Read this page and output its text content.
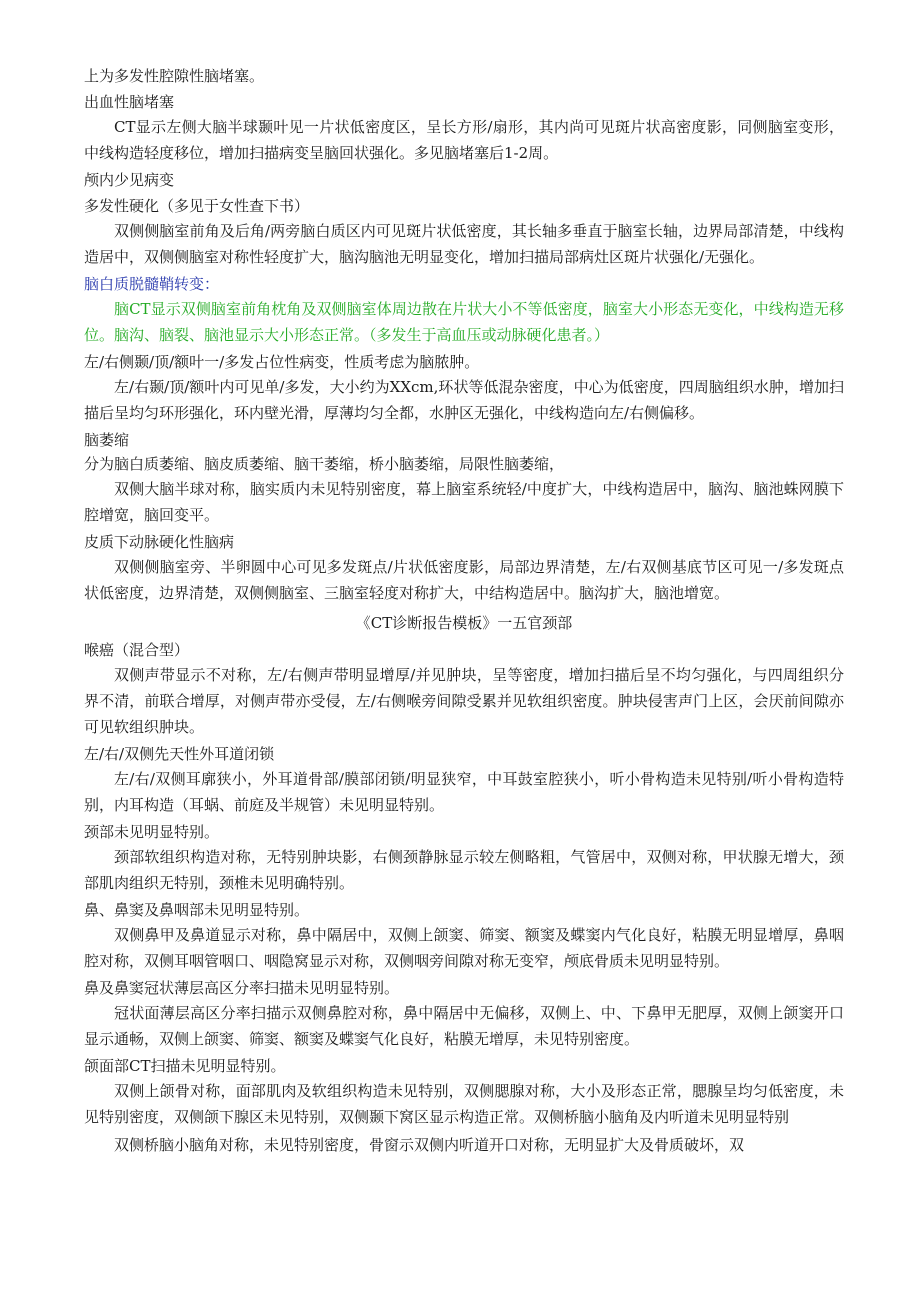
上为多发性腔隙性脑堵塞。

出血性脑堵塞

CT显示左侧大脑半球颞叶见一片状低密度区，呈长方形/扇形，其内尚可见斑片状高密度影，同侧脑室变形，中线构造轻度移位，增加扫描病变呈脑回状强化。多见脑堵塞后1-2周。

颅内少见病变

多发性硬化（多见于女性查下书）

双侧侧脑室前角及后角/两旁脑白质区内可见斑片状低密度，其长轴多垂直于脑室长轴，边界局部清楚，中线构造居中，双侧侧脑室对称性轻度扩大，脑沟脑池无明显变化，增加扫描局部病灶区斑片状强化/无强化。

脑白质脱髓鞘转变：

脑CT显示双侧脑室前角枕角及双侧脑室体周边散在片状大小不等低密度，脑室大小形态无变化，中线构造无移位。脑沟、脑裂、脑池显示大小形态正常。（多发生于高血压或动脉硬化患者。）

左/右侧颞/顶/额叶一/多发占位性病变，性质考虑为脑脓肿。

左/右颞/顶/额叶内可见单/多发，大小约为XXcm,环状等低混杂密度，中心为低密度，四周脑组织水肿，增加扫描后呈均匀环形强化，环内壁光滑，厚薄均匀全都，水肿区无强化，中线构造向左/右侧偏移。

脑萎缩

分为脑白质萎缩、脑皮质萎缩、脑干萎缩，桥小脑萎缩，局限性脑萎缩，

双侧大脑半球对称，脑实质内未见特别密度，幕上脑室系统轻/中度扩大，中线构造居中，脑沟、脑池蛛网膜下腔增宽，脑回变平。

皮质下动脉硬化性脑病

双侧侧脑室旁、半卵圆中心可见多发斑点/片状低密度影，局部边界清楚，左/右双侧基底节区可见一/多发斑点状低密度，边界清楚，双侧侧脑室、三脑室轻度对称扩大，中结构造居中。脑沟扩大，脑池增宽。

《CT诊断报告模板》一五官颈部

喉癌（混合型）

双侧声带显示不对称，左/右侧声带明显增厚/并见肿块，呈等密度，增加扫描后呈不均匀强化，与四周组织分界不清，前联合增厚，对侧声带亦受侵，左/右侧喉旁间隙受累并见软组织密度。肿块侵害声门上区，会厌前间隙亦可见软组织肿块。

左/右/双侧先天性外耳道闭锁

左/右/双侧耳廓狭小，外耳道骨部/膜部闭锁/明显狭窄，中耳鼓室腔狭小，听小骨构造未见特别/听小骨构造特别，内耳构造（耳蜗、前庭及半规管）未见明显特别。

颈部未见明显特别。

颈部软组织构造对称，无特别肿块影，右侧颈静脉显示较左侧略粗，气管居中，双侧对称，甲状腺无增大，颈部肌肉组织无特别，颈椎未见明确特别。

鼻、鼻窦及鼻咽部未见明显特别。

双侧鼻甲及鼻道显示对称，鼻中隔居中，双侧上颌窦、筛窦、额窦及蝶窦内气化良好，粘膜无明显增厚，鼻咽腔对称，双侧耳咽管咽口、咽隐窝显示对称，双侧咽旁间隙对称无变窄，颅底骨质未见明显特别。

鼻及鼻窦冠状薄层高区分率扫描未见明显特别。

冠状面薄层高区分率扫描示双侧鼻腔对称，鼻中隔居中无偏移，双侧上、中、下鼻甲无肥厚，双侧上颌窦开口显示通畅，双侧上颌窦、筛窦、额窦及蝶窦气化良好，粘膜无增厚，未见特别密度。

颌面部CT扫描未见明显特别。

双侧上颌骨对称，面部肌肉及软组织构造未见特别，双侧腮腺对称，大小及形态正常，腮腺呈均匀低密度，未见特别密度，双侧颌下腺区未见特别，双侧颞下窝区显示构造正常。双侧桥脑小脑角及内听道未见明显特别

双侧桥脑小脑角对称，未见特别密度，骨窗示双侧内听道开口对称，无明显扩大及骨质破坏，双
